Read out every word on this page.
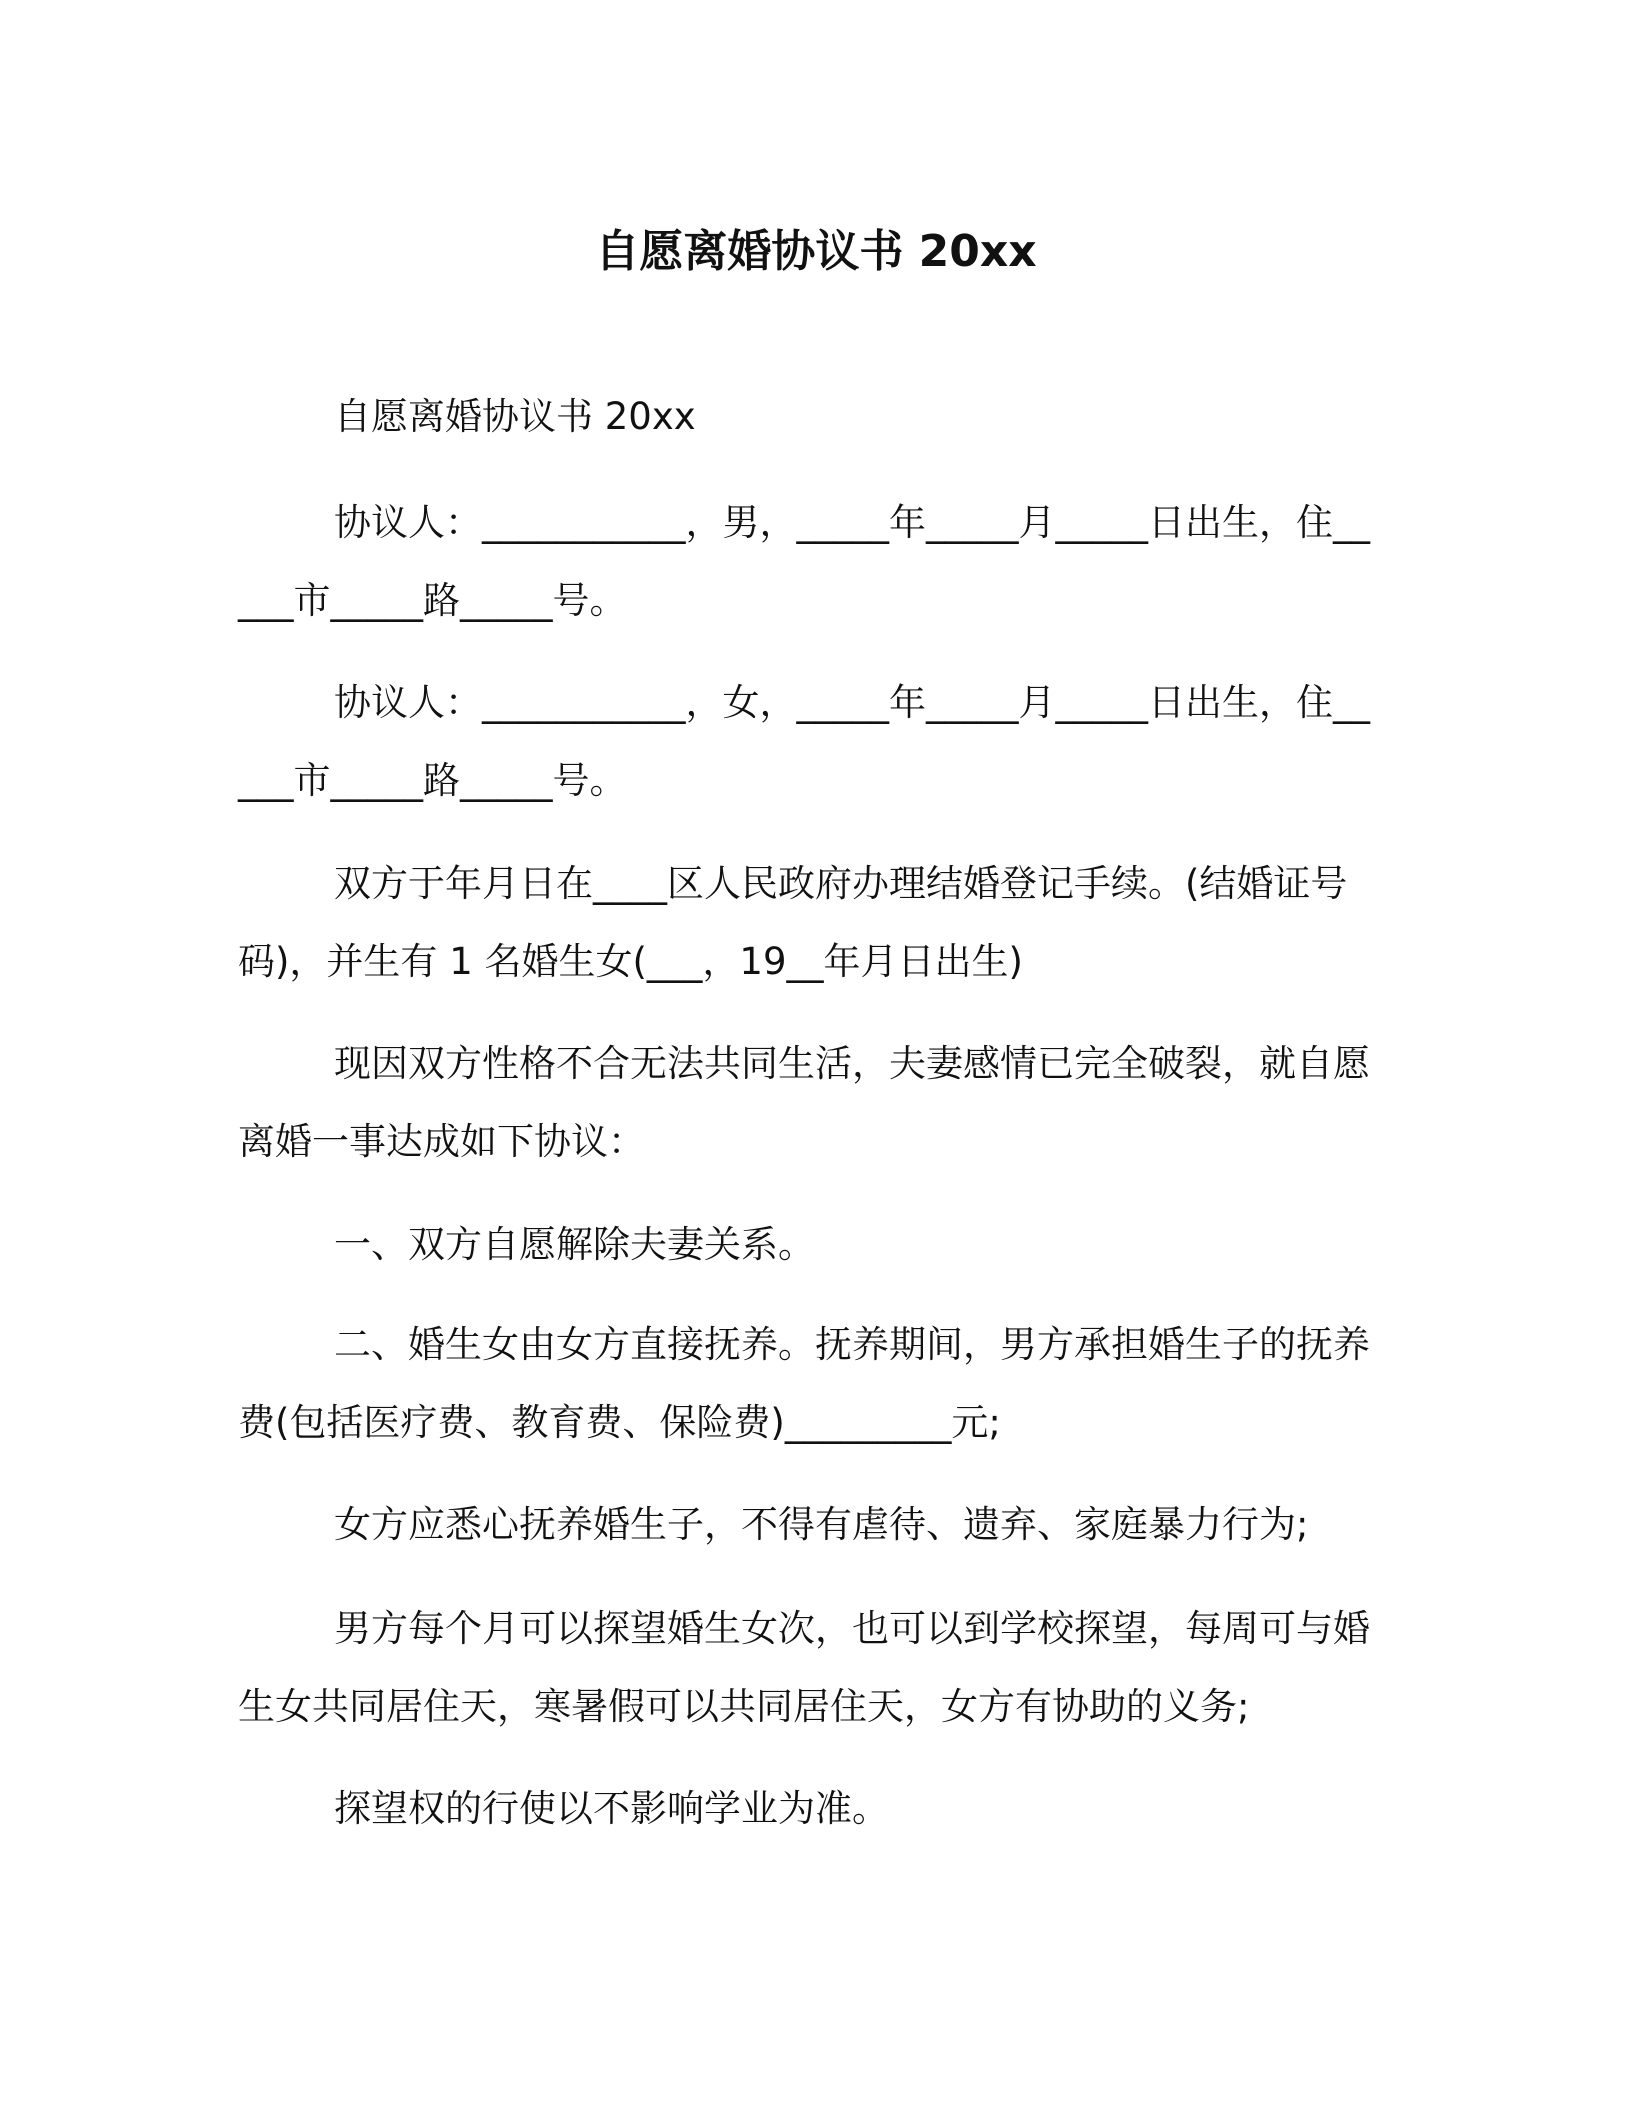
自愿离婚协议书 20xx

自愿离婚协议书 20xx

协议人：___________，男，_____年_____月_____日出生，住_____市_____路_____号。

协议人：___________，女，_____年_____月_____日出生，住_____市_____路_____号。

双方于年月日在____区人民政府办理结婚登记手续。(结婚证号码)，并生有 1 名婚生女(___，19__年月日出生)

现因双方性格不合无法共同生活，夫妻感情已完全破裂，就自愿离婚一事达成如下协议：

一、双方自愿解除夫妻关系。

二、婚生女由女方直接抚养。抚养期间，男方承担婚生子的抚养费(包括医疗费、教育费、保险费)_________元;

女方应悉心抚养婚生子，不得有虐待、遗弃、家庭暴力行为;

男方每个月可以探望婚生女次，也可以到学校探望，每周可与婚生女共同居住天，寒暑假可以共同居住天，女方有协助的义务;

探望权的行使以不影响学业为准。
